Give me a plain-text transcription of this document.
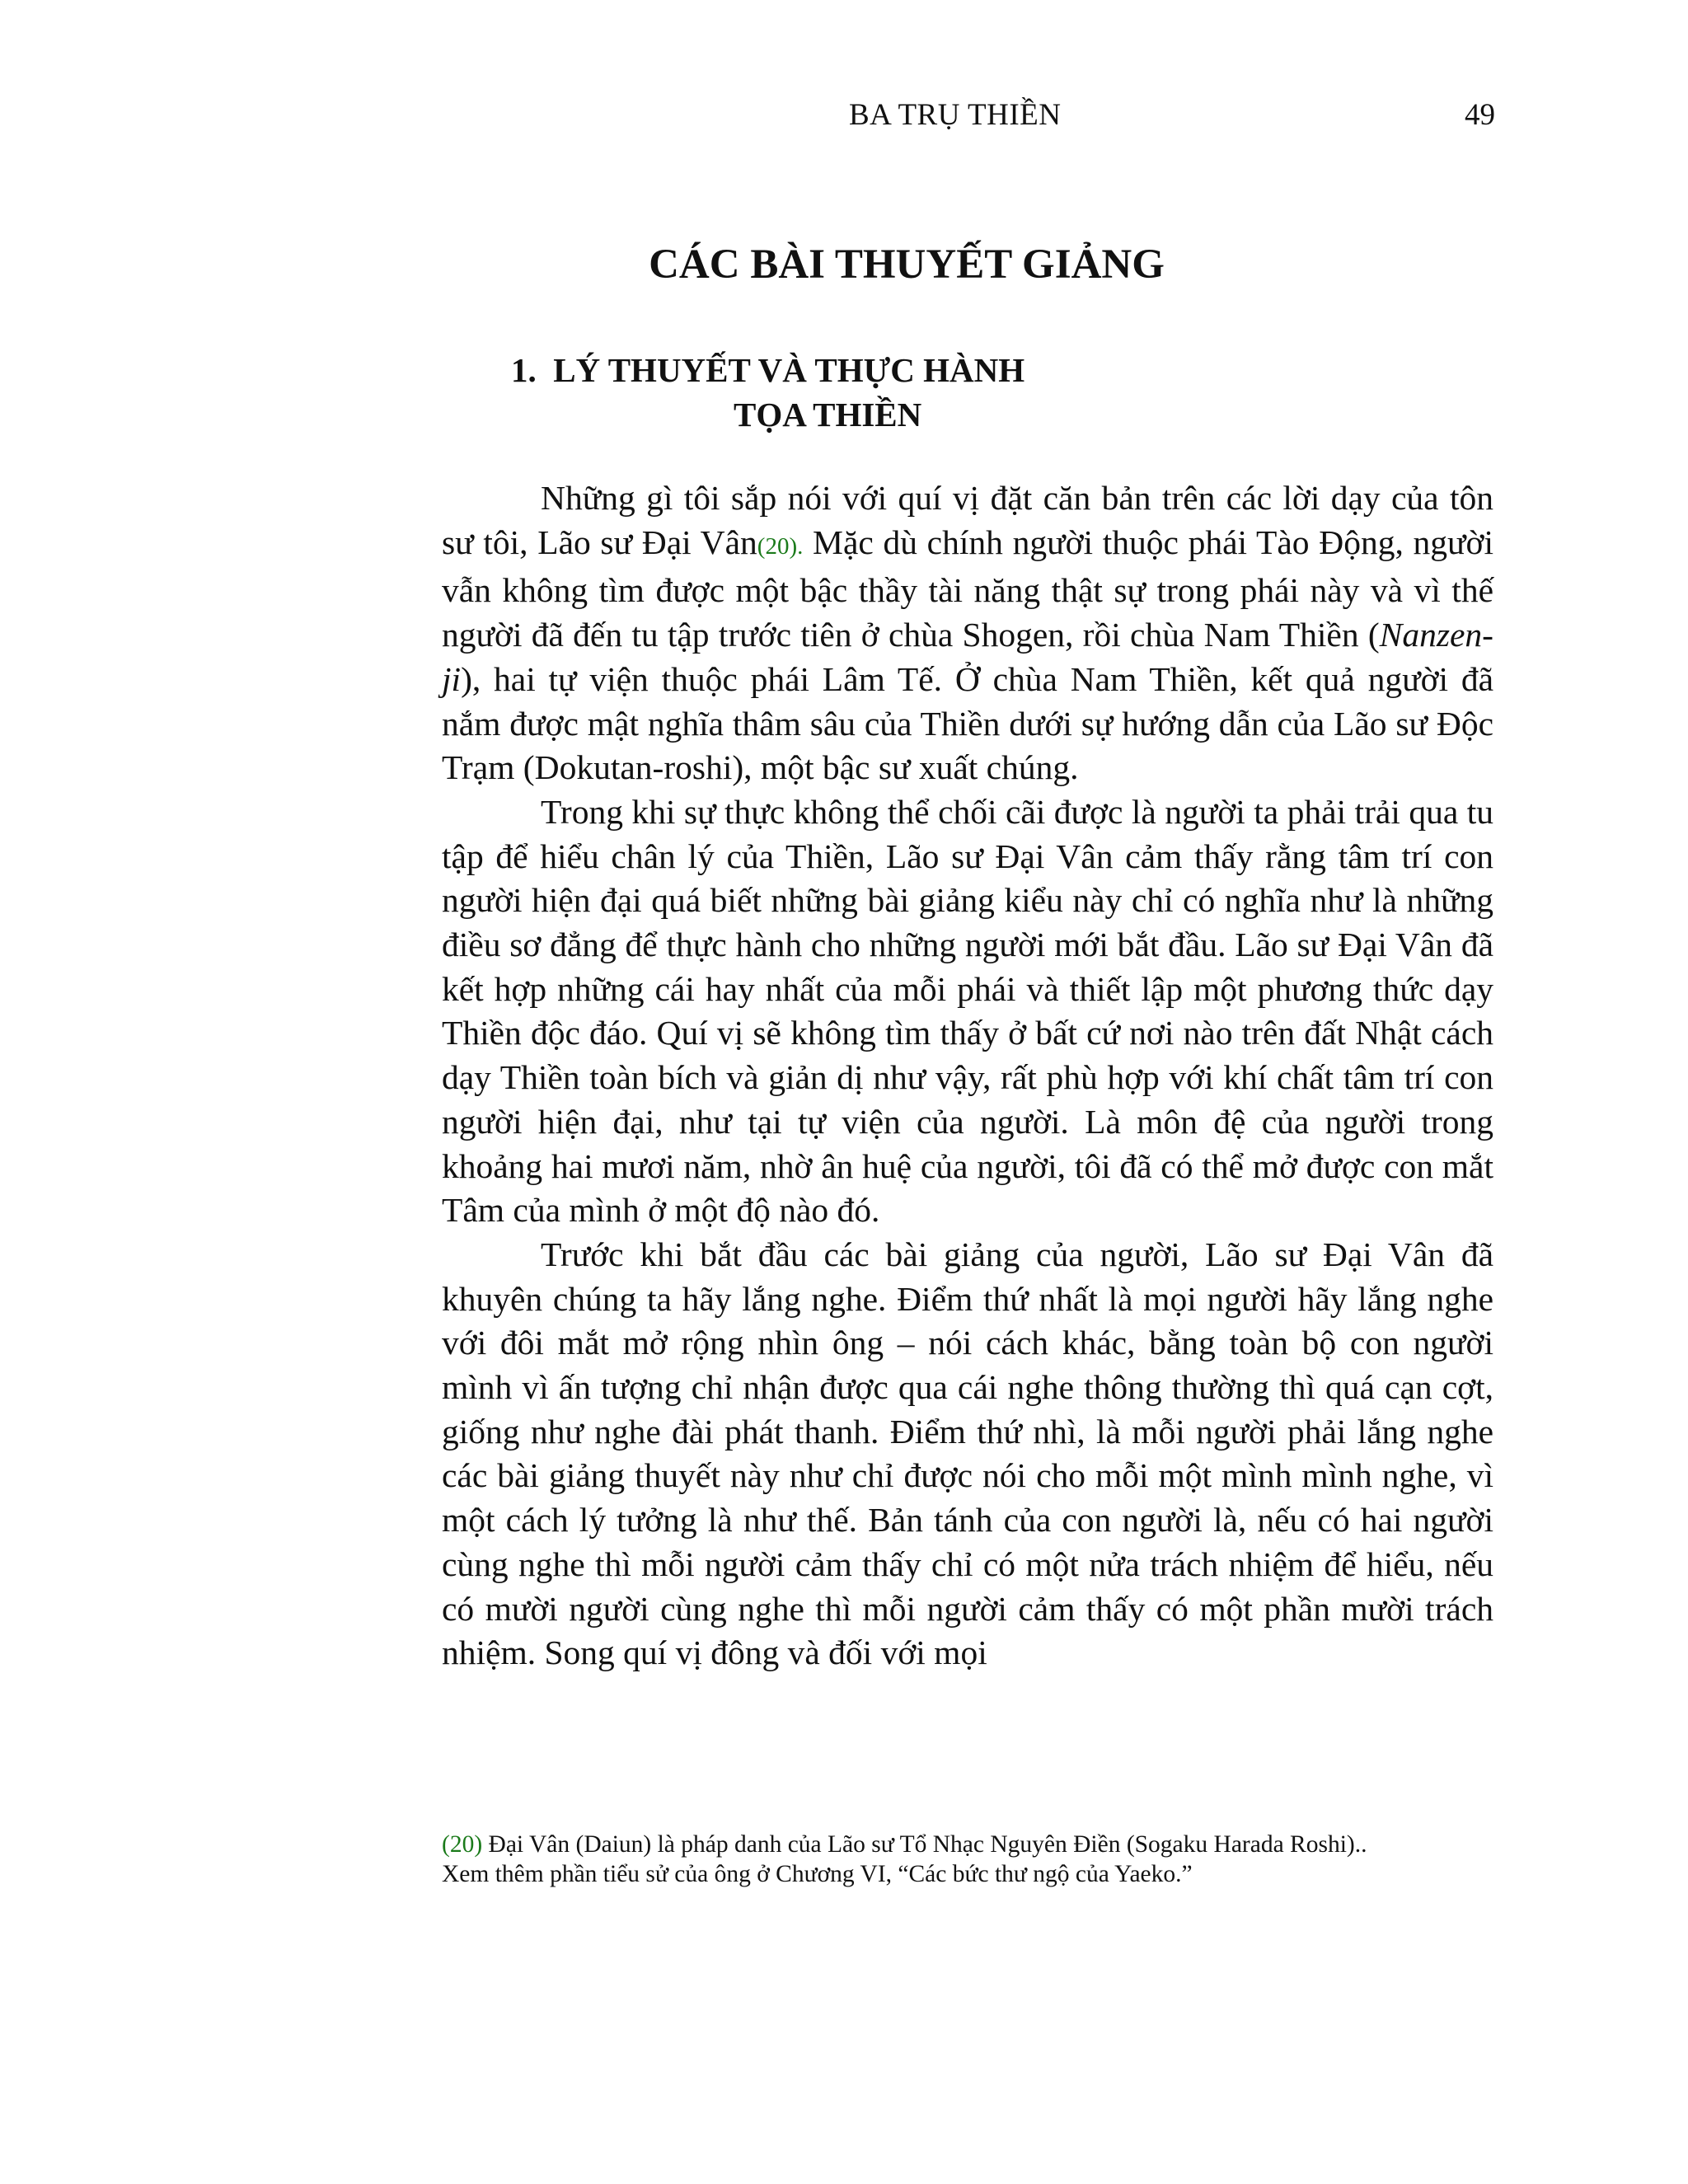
BA TRỤ THIỀN	49
CÁC BÀI THUYẾT GIẢNG
1. LÝ THUYẾT VÀ THỰC HÀNH
TỌA THIỀN

Những gì tôi sắp nói với quí vị đặt căn bản trên các lời dạy của tôn sư tôi, Lão sư Đại Vân(20). Mặc dù chính người thuộc phái Tào Động, người vẫn không tìm được một bậc thầy tài năng thật sự trong phái này và vì thế người đã đến tu tập trước tiên ở chùa Shogen, rồi chùa Nam Thiền (Nanzen-ji), hai tự viện thuộc phái Lâm Tế. Ở chùa Nam Thiền, kết quả người đã nắm được mật nghĩa thâm sâu của Thiền dưới sự hướng dẫn của Lão sư Độc Trạm (Dokutan-roshi), một bậc sư xuất chúng.

Trong khi sự thực không thể chối cãi được là người ta phải trải qua tu tập để hiểu chân lý của Thiền, Lão sư Đại Vân cảm thấy rằng tâm trí con người hiện đại quá biết những bài giảng kiểu này chỉ có nghĩa như là những điều sơ đẳng để thực hành cho những người mới bắt đầu. Lão sư Đại Vân đã kết hợp những cái hay nhất của mỗi phái và thiết lập một phương thức dạy Thiền độc đáo. Quí vị sẽ không tìm thấy ở bất cứ nơi nào trên đất Nhật cách dạy Thiền toàn bích và giản dị như vậy, rất phù hợp với khí chất tâm trí con người hiện đại, như tại tự viện của người. Là môn đệ của người trong khoảng hai mươi năm, nhờ ân huệ của người, tôi đã có thể mở được con mắt Tâm của mình ở một độ nào đó.

Trước khi bắt đầu các bài giảng của người, Lão sư Đại Vân đã khuyên chúng ta hãy lắng nghe. Điểm thứ nhất là mọi người hãy lắng nghe với đôi mắt mở rộng nhìn ông – nói cách khác, bằng toàn bộ con người mình vì ấn tượng chỉ nhận được qua cái nghe thông thường thì quá cạn cợt, giống như nghe đài phát thanh. Điểm thứ nhì, là mỗi người phải lắng nghe các bài giảng thuyết này như chỉ được nói cho mỗi một mình mình nghe, vì một cách lý tưởng là như thế. Bản tánh của con người là, nếu có hai người cùng nghe thì mỗi người cảm thấy chỉ có một nửa trách nhiệm để hiểu, nếu có mười người cùng nghe thì mỗi người cảm thấy có một phần mười trách nhiệm. Song quí vị đông và đối với mọi

(20) Đại Vân (Daiun) là pháp danh của Lão sư Tổ Nhạc Nguyên Điền (Sogaku Harada Roshi)..
Xem thêm phần tiểu sử của ông ở Chương VI, “Các bức thư ngộ của Yaeko.”
